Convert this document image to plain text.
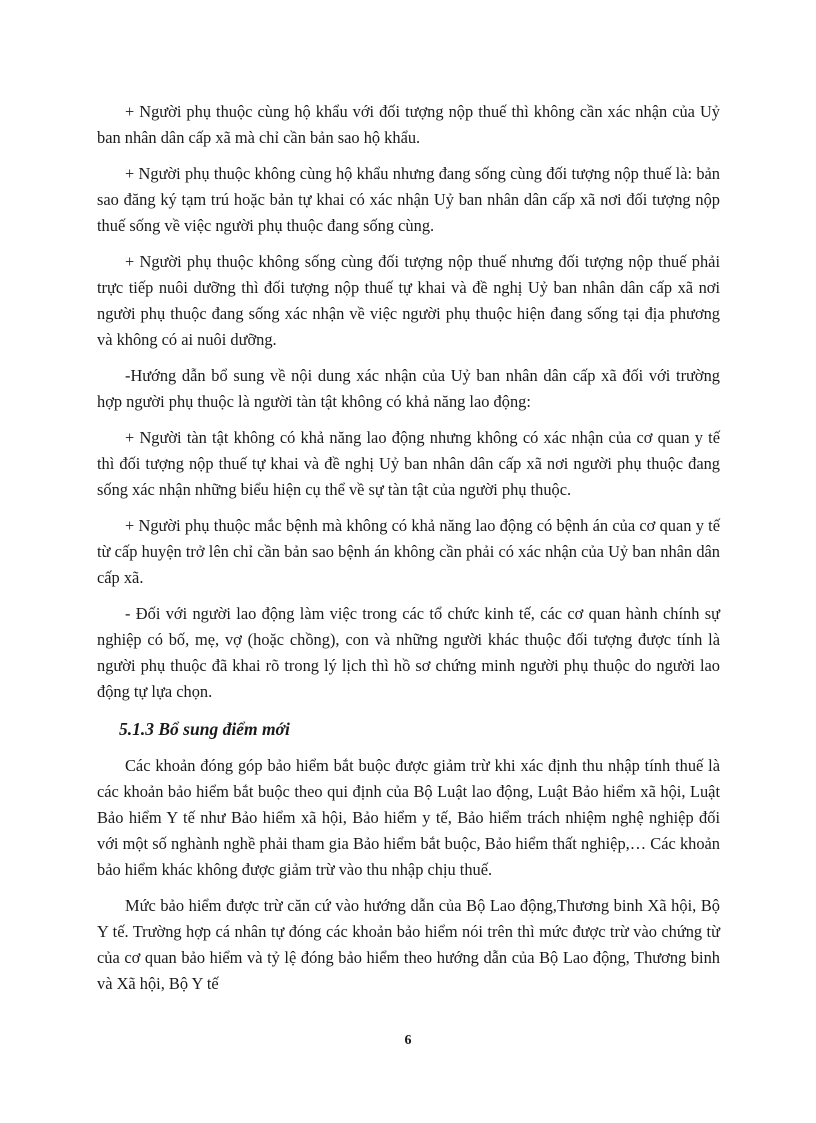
+ Người phụ thuộc cùng hộ khẩu với đối tượng nộp thuế thì không cần xác nhận của Uỷ ban nhân dân cấp xã mà chỉ cần bản sao hộ khẩu.

+ Người phụ thuộc không cùng hộ khẩu nhưng đang sống cùng đối tượng nộp thuế là: bản sao đăng ký tạm trú hoặc bản tự khai có xác nhận Uỷ ban nhân dân cấp xã nơi đối tượng nộp thuế sống về việc người phụ thuộc đang sống cùng.

+ Người phụ thuộc không sống cùng đối tượng nộp thuế nhưng đối tượng nộp thuế phải trực tiếp nuôi dưỡng thì đối tượng nộp thuế tự khai và đề nghị Uỷ ban nhân dân cấp xã nơi người phụ thuộc đang sống xác nhận về việc người phụ thuộc hiện đang sống tại địa phương và không có ai nuôi dưỡng.

-Hướng dẫn bổ sung về nội dung xác nhận của Uỷ ban nhân dân cấp xã đối với trường hợp người phụ thuộc là người tàn tật không có khả năng lao động:

+ Người tàn tật không có khả năng lao động nhưng không có xác nhận của cơ quan y tế thì đối tượng nộp thuế tự khai và đề nghị Uỷ ban nhân dân cấp xã nơi người phụ thuộc đang sống xác nhận những biểu hiện cụ thể về sự tàn tật của người phụ thuộc.

+ Người phụ thuộc mắc bệnh mà không có khả năng lao động có bệnh án của cơ quan y tế từ cấp huyện trở lên chỉ cần bản sao bệnh án không cần phải có xác nhận của Uỷ ban nhân dân cấp xã.

- Đối với người lao động làm việc trong các tổ chức kinh tế, các cơ quan hành chính sự nghiệp có bố, mẹ, vợ (hoặc chồng), con và những người khác thuộc đối tượng được tính là người phụ thuộc đã khai rõ trong lý lịch thì hồ sơ chứng minh người phụ thuộc do người lao động tự lựa chọn.

5.1.3 Bổ sung điểm mới

Các khoản đóng góp bảo hiểm bắt buộc được giảm trừ khi xác định thu nhập tính thuế là các khoản bảo hiểm bắt buộc theo qui định của Bộ Luật lao động, Luật Bảo hiểm xã hội, Luật Bảo hiểm Y tế như Bảo hiểm xã hội, Bảo hiểm y tế, Bảo hiểm trách nhiệm nghệ nghiệp đối với một số nghành nghề phải tham gia Bảo hiểm bắt buộc, Bảo hiểm thất nghiệp,… Các khoản bảo hiểm khác không được giảm trừ vào thu nhập chịu thuế.

Mức bảo hiểm được trừ căn cứ vào hướng dẫn của Bộ Lao động,Thương binh Xã hội, Bộ Y tế. Trường hợp cá nhân tự đóng các khoản bảo hiểm nói trên thì mức được trừ vào chứng từ của cơ quan bảo hiểm và tỷ lệ đóng bảo hiểm theo hướng dẫn của Bộ Lao động, Thương binh và Xã hội, Bộ Y tế

6
